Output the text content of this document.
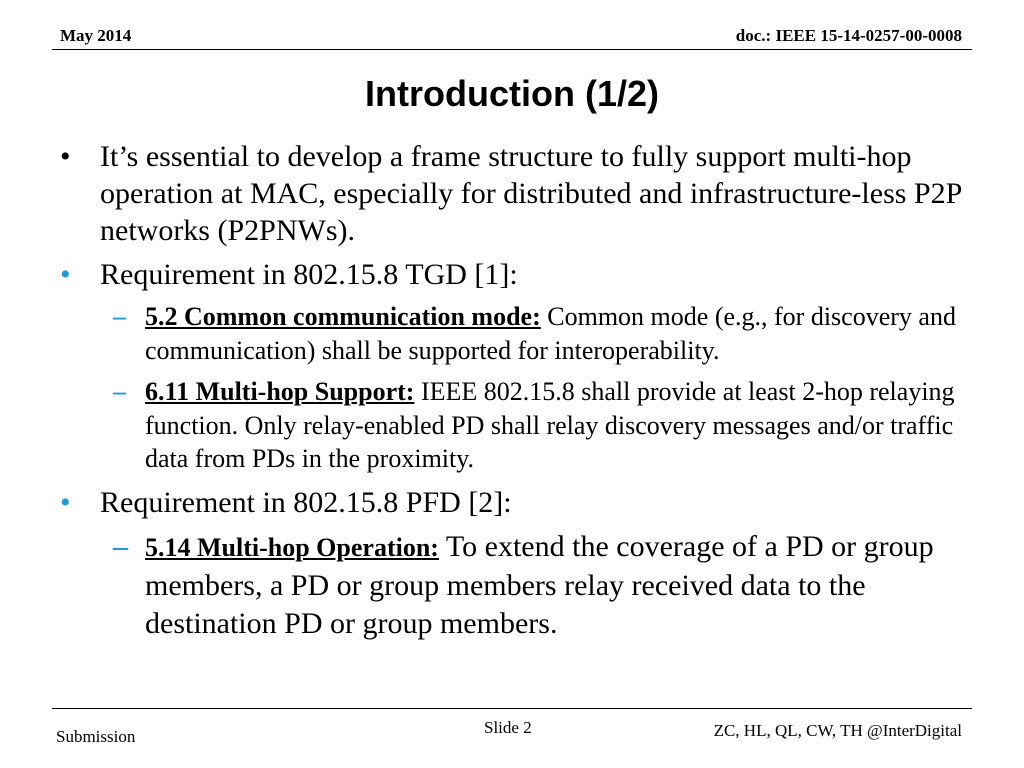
May 2014	doc.: IEEE 15-14-0257-00-0008
Introduction (1/2)
• It’s essential to develop a frame structure to fully support multi-hop operation at MAC, especially for distributed and infrastructure-less P2P networks (P2PNWs).
• Requirement in 802.15.8 TGD [1]:
– 5.2 Common communication mode: Common mode (e.g., for discovery and communication) shall be supported for interoperability.
– 6.11 Multi-hop Support: IEEE 802.15.8 shall provide at least 2-hop relaying function. Only relay-enabled PD shall relay discovery messages and/or traffic data from PDs in the proximity.
• Requirement in 802.15.8 PFD [2]:
– 5.14 Multi-hop Operation: To extend the coverage of a PD or group members, a PD or group members relay received data to the destination PD or group members.
Submission	Slide 2	ZC, HL, QL, CW, TH @InterDigital
